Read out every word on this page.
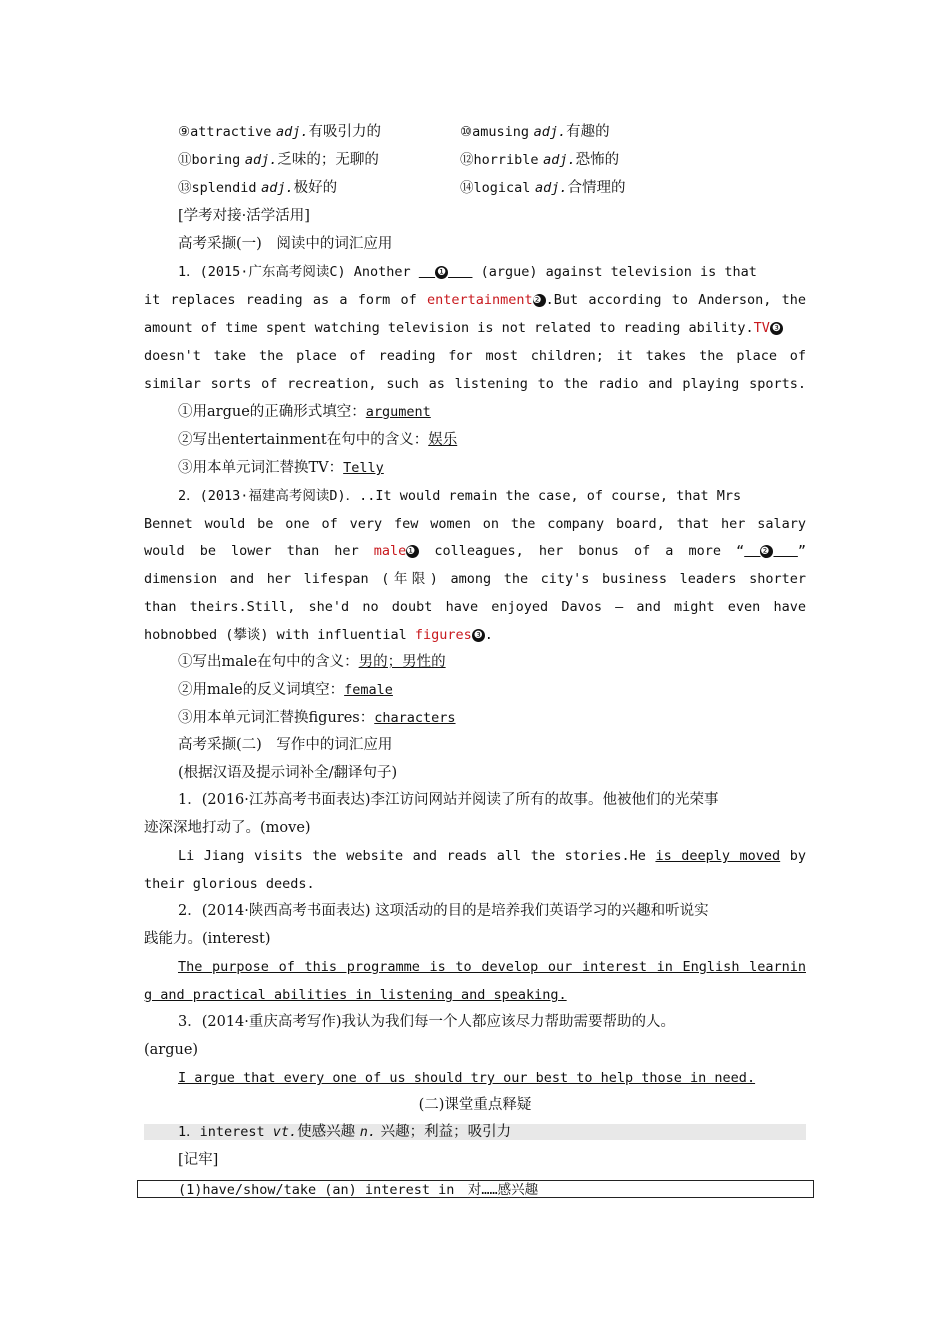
⑨attractive adj.有吸引力的	⑩amusing adj.有趣的
⑪boring adj.乏味的；无聊的	⑫horrible adj.恐怖的
⑬splendid adj.极好的	⑭logical adj.合情理的
[学考对接·活学活用]
高考采撷(一)　阅读中的词汇应用
1．(2015·广东高考阅读C) Another   ❶    (argue) against television is that
it replaces reading as a form of entertainment❷ .But according to Anderson, the
amount of time spent watching television is not related to reading ability.TV ❸
doesn't take the place of reading for most children; it takes the place of
similar sorts of recreation, such as listening to the radio and playing sports.
①用argue的正确形式填空：argument
②写出entertainment在句中的含义：娱乐
③用本单元词汇替换TV：Telly
2．(2013·福建高考阅读D)．..It would remain the case, of course, that Mrs
Bennet would be one of very few women on the company board, that her salary
would be lower than her male❶ colleagues, her bonus of a more “ ❷ ”
dimension and her lifespan (年限) among the city's business leaders shorter
than theirs.Still, she'd no doubt have enjoyed Davos — and might even have
hobnobbed (攀谈) with influential figures ❸ .
①写出male在句中的含义：男的；男性的
②用male的反义词填空：female
③用本单元词汇替换figures：characters
高考采撷(二)　写作中的词汇应用
(根据汉语及提示词补全/翻译句子)
1．(2016·江苏高考书面表达)李江访问网站并阅读了所有的故事。他被他们的光荣事
迹深深地打动了。(move)
Li Jiang visits the website and reads all the stories.He is deeply moved by
their glorious deeds.
2．(2014·陕西高考书面表达) 这项活动的目的是培养我们英语学习的兴趣和听说实
践能力。(interest)
The purpose of this programme is to develop our interest in English learnin
g and practical abilities in listening and speaking.
3．(2014·重庆高考写作)我认为我们每一个人都应该尽力帮助需要帮助的人。
(argue)
I argue that every one of us should try our best to help those in need.
(二)课堂重点释疑
1．interest vt.使感兴趣 n. 兴趣；利益；吸引力
[记牢]
(1)have/show/take (an) interest in　对……感兴趣
